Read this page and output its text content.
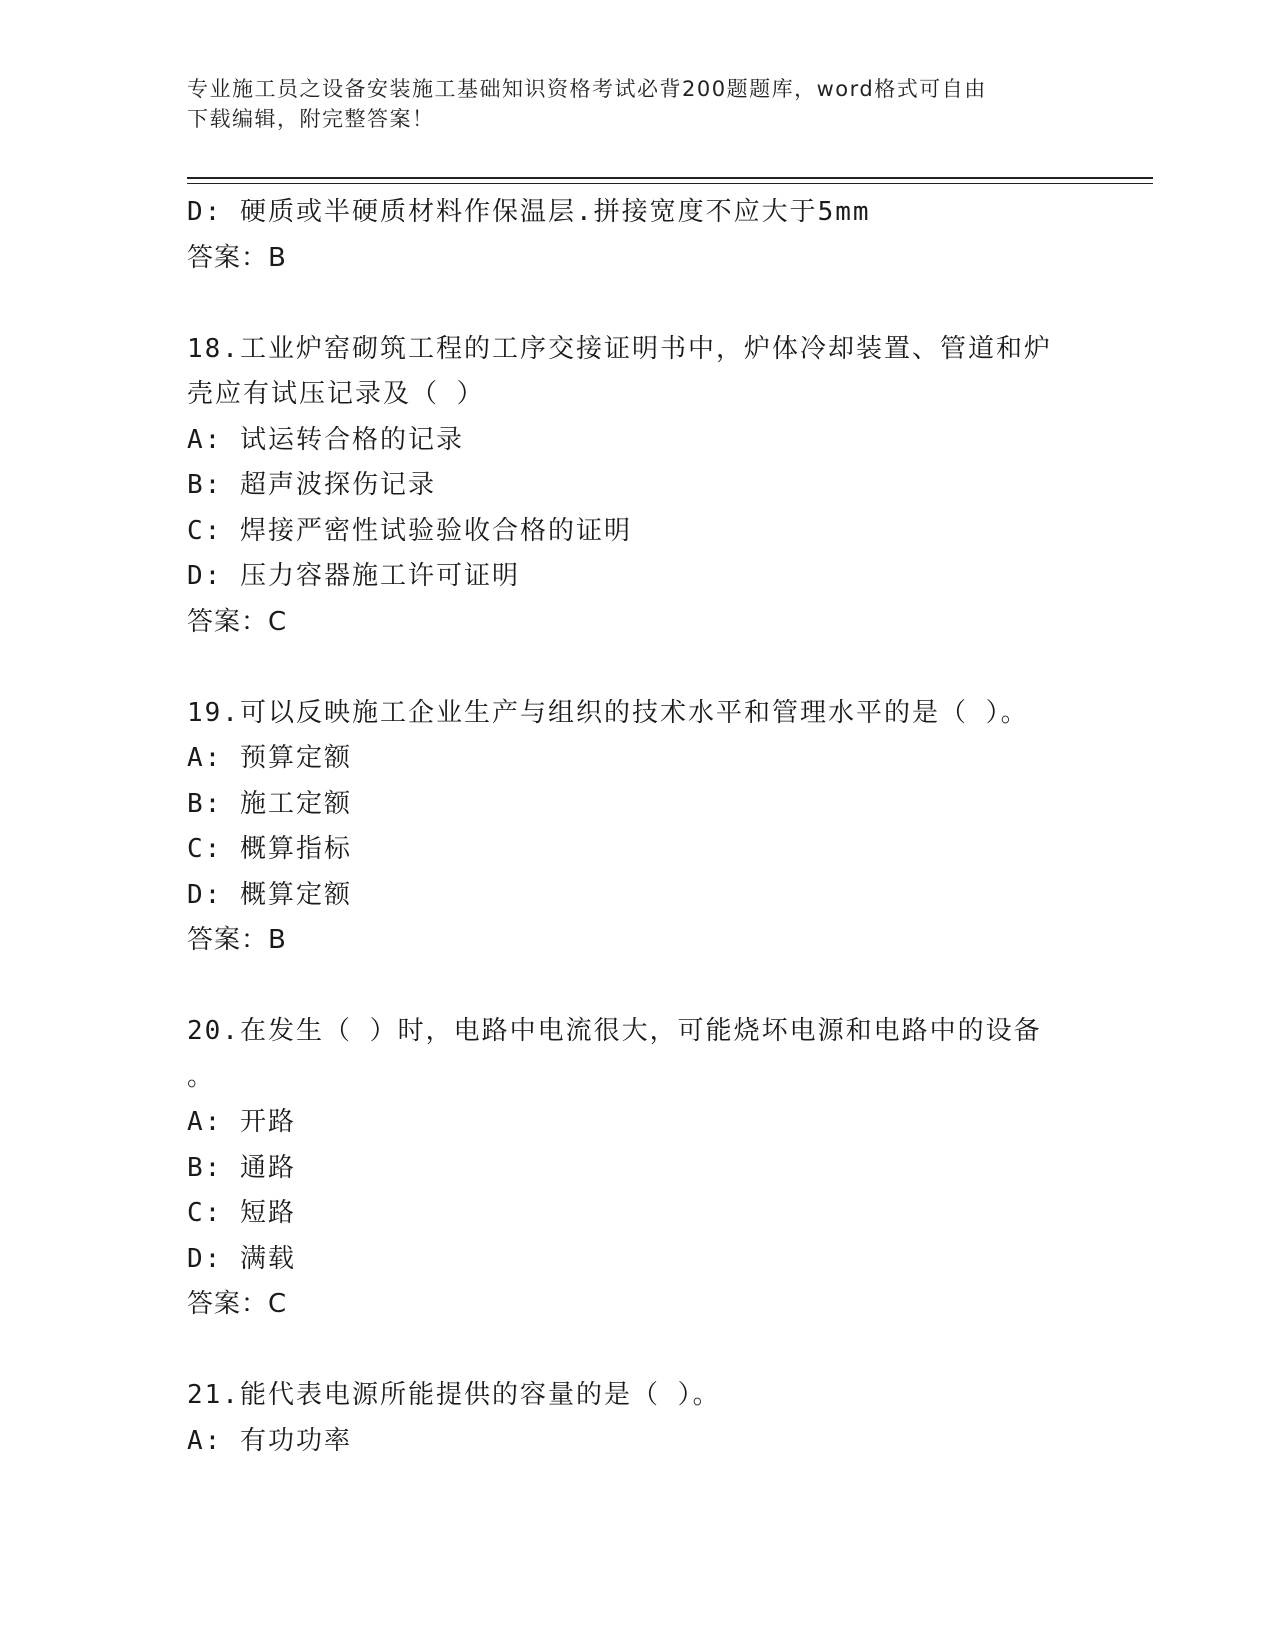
专业施工员之设备安装施工基础知识资格考试必背200题题库，word格式可自由
下载编辑，附完整答案！
D: 硬质或半硬质材料作保温层.拼接宽度不应大于5mm
答案：B
18.工业炉窑砌筑工程的工序交接证明书中，炉体冷却装置、管道和炉
壳应有试压记录及（ ）
A: 试运转合格的记录
B: 超声波探伤记录
C: 焊接严密性试验验收合格的证明
D: 压力容器施工许可证明
答案：C
19.可以反映施工企业生产与组织的技术水平和管理水平的是（ ）。
A: 预算定额
B: 施工定额
C: 概算指标
D: 概算定额
答案：B
20.在发生（ ）时，电路中电流很大，可能烧坏电源和电路中的设备
。
A: 开路
B: 通路
C: 短路
D: 满载
答案：C
21.能代表电源所能提供的容量的是（ ）。
A: 有功功率
